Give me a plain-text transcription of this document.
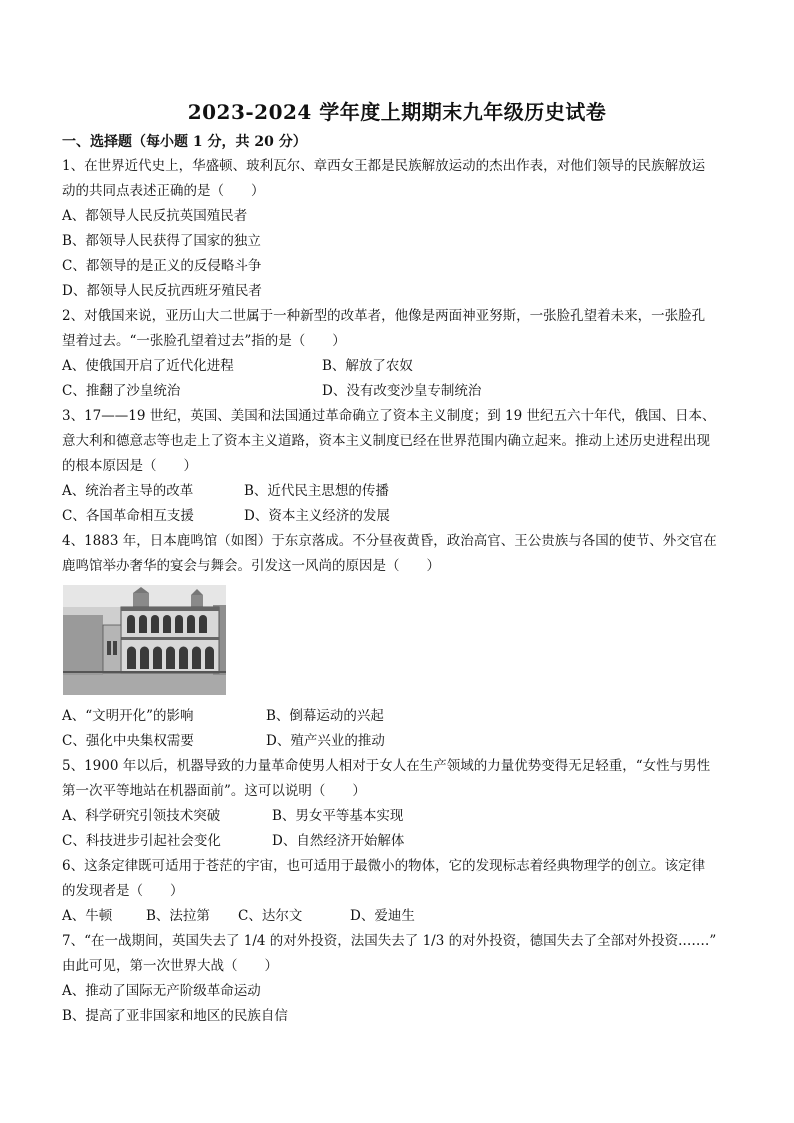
2023-2024 学年度上期期末九年级历史试卷
一、选择题（每小题 1 分，共 20 分）
1、在世界近代史上，华盛顿、玻利瓦尔、章西女王都是民族解放运动的杰出作表，对他们领导的民族解放运
动的共同点表述正确的是（　　）
A、都领导人民反抗英国殖民者
B、都领导人民获得了国家的独立
C、都领导的是正义的反侵略斗争
D、都领导人民反抗西班牙殖民者
2、对俄国来说，亚历山大二世属于一种新型的改革者，他像是两面神亚努斯，一张脸孔望着未来，一张脸孔
望着过去。“一张脸孔望着过去”指的是（　　）
A、使俄国开启了近代化进程	B、解放了农奴
C、推翻了沙皇统治	D、没有改变沙皇专制统治
3、17——19 世纪，英国、美国和法国通过革命确立了资本主义制度；到 19 世纪五六十年代，俄国、日本、
意大利和德意志等也走上了资本主义道路，资本主义制度已经在世界范围内确立起来。推动上述历史进程出现
的根本原因是（　　）
A、统治者主导的改革	B、近代民主思想的传播
C、各国革命相互支援	D、资本主义经济的发展
4、1883 年，日本鹿鸣馆（如图）于东京落成。不分昼夜黄昏，政治高官、王公贵族与各国的使节、外交官在
鹿鸣馆举办奢华的宴会与舞会。引发这一风尚的原因是（　　）
A、“文明开化”的影响	B、倒幕运动的兴起
C、强化中央集权需要	D、殖产兴业的推动
5、1900 年以后，机器导致的力量革命使男人相对于女人在生产领域的力量优势变得无足轻重，“女性与男性
第一次平等地站在机器面前”。这可以说明（　　）
A、科学研究引领技术突破	B、男女平等基本实现
C、科技进步引起社会变化	D、自然经济开始解体
6、这条定律既可适用于苍茫的宇宙，也可适用于最微小的物体，它的发现标志着经典物理学的创立。该定律
的发现者是（　　）
A、牛顿	B、法拉第 C、达尔文	D、爱迪生
7、“在一战期间，英国失去了 1/4 的对外投资，法国失去了 1/3 的对外投资，德国失去了全部对外投资.……”
由此可见，第一次世界大战（　　）
A、推动了国际无产阶级革命运动
B、提高了亚非国家和地区的民族自信
